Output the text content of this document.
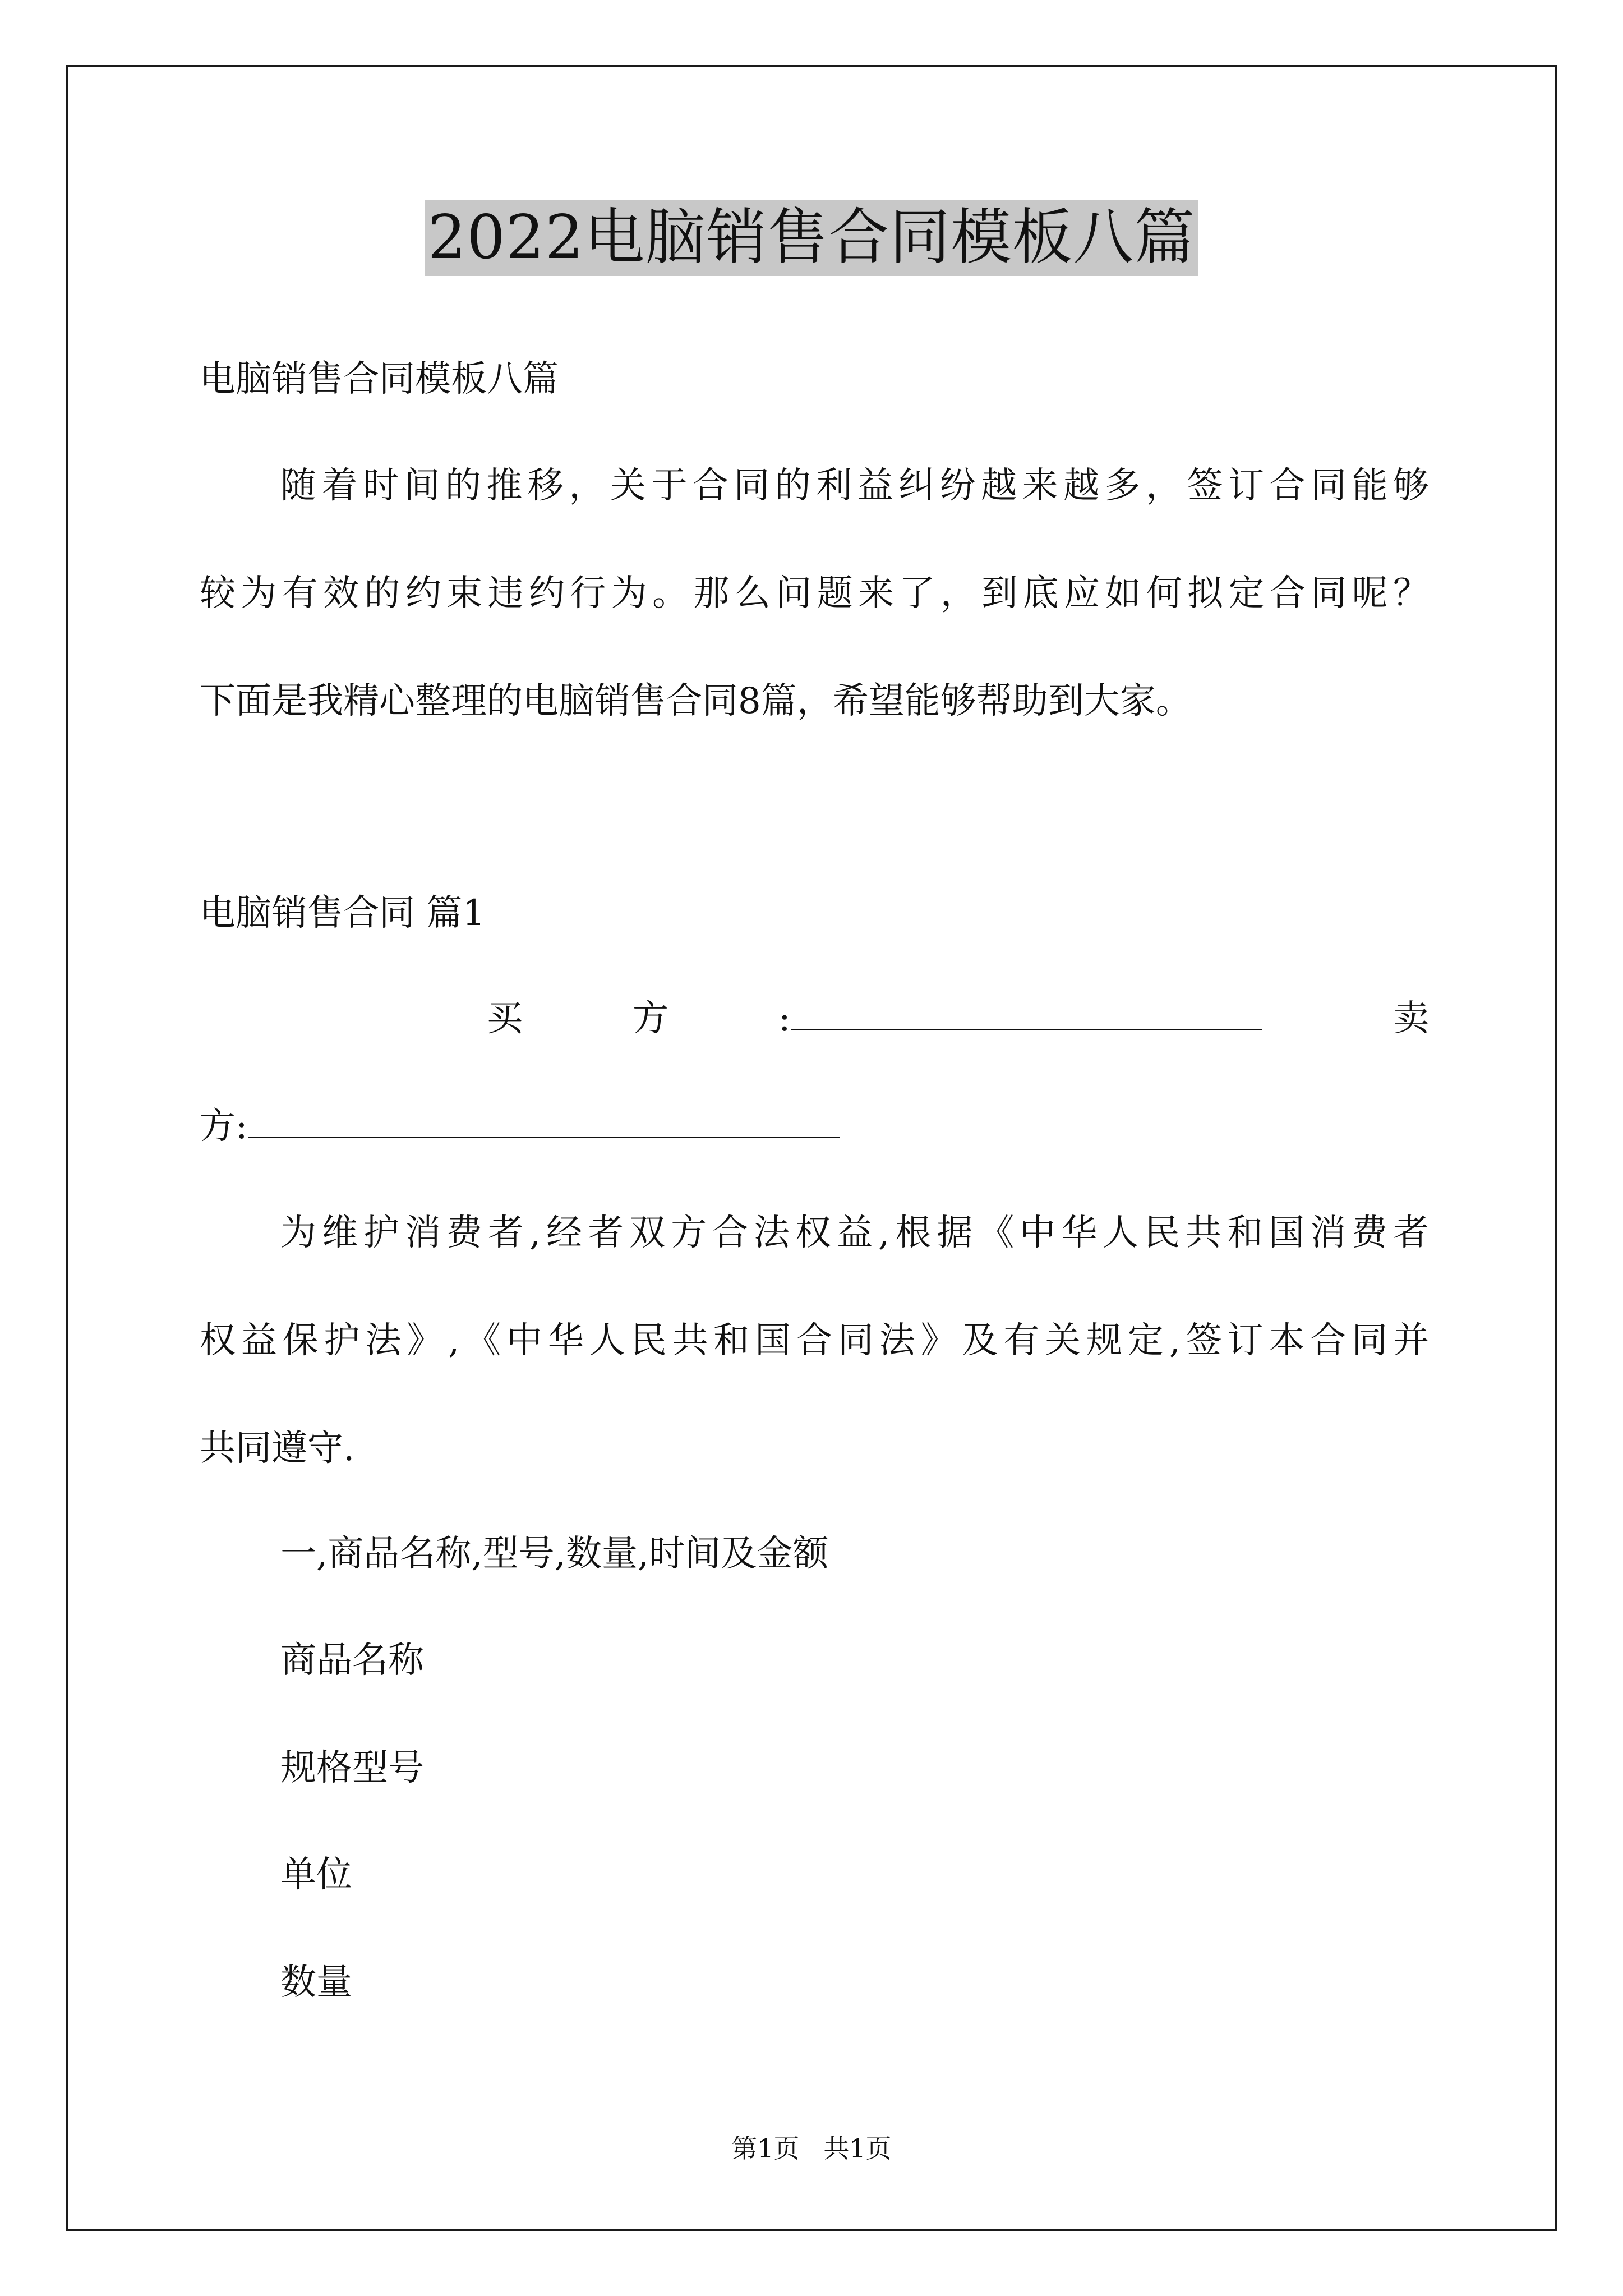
2022电脑销售合同模板八篇
电脑销售合同模板八篇
随着时间的推移，关于合同的利益纠纷越来越多，签订合同能够
较为有效的约束违约行为。那么问题来了，到底应如何拟定合同呢？
下面是我精心整理的电脑销售合同8篇，希望能够帮助到大家。
电脑销售合同 篇1
买	方	:	卖
方:
为维护消费者,经者双方合法权益,根据《中华人民共和国消费者
权益保护法》,《中华人民共和国合同法》及有关规定,签订本合同并
共同遵守.
一,商品名称,型号,数量,时间及金额
商品名称
规格型号
单位
数量
第1页 共1页
